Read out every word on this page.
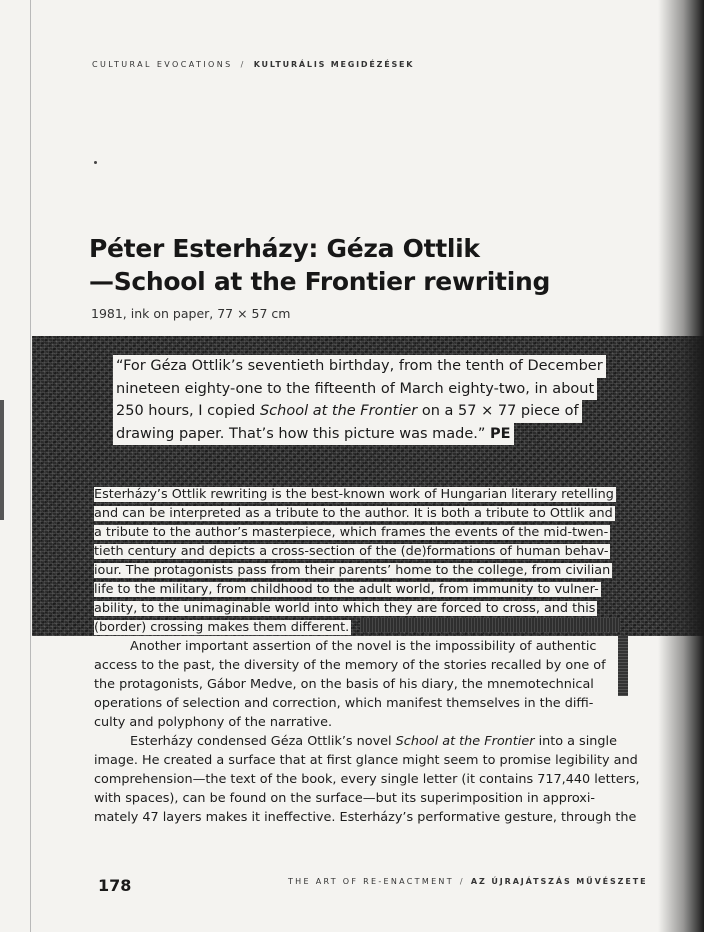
CULTURAL EVOCATIONS / KULTURÁLIS MEGIDÉZÉSEK
Péter Esterházy: Géza Ottlik
—School at the Frontier rewriting
1981, ink on paper, 77 × 57 cm
“For Géza Ottlik’s seventieth birthday, from the tenth of December
nineteen eighty-one to the fifteenth of March eighty-two, in about
250 hours, I copied School at the Frontier on a 57 × 77 piece of
drawing paper. That’s how this picture was made.” PE
Esterházy’s Ottlik rewriting is the best-known work of Hungarian literary retelling
and can be interpreted as a tribute to the author. It is both a tribute to Ottlik and
a tribute to the author’s masterpiece, which frames the events of the mid-twen-
tieth century and depicts a cross-section of the (de)formations of human behav-
iour. The protagonists pass from their parents’ home to the college, from civilian
life to the military, from childhood to the adult world, from immunity to vulner-
ability, to the unimaginable world into which they are forced to cross, and this
(border) crossing makes them different.
Another important assertion of the novel is the impossibility of authentic
access to the past, the diversity of the memory of the stories recalled by one of
the protagonists, Gábor Medve, on the basis of his diary, the mnemotechnical
operations of selection and correction, which manifest themselves in the diffi-
culty and polyphony of the narrative.
Esterházy condensed Géza Ottlik’s novel School at the Frontier into a single
image. He created a surface that at first glance might seem to promise legibility and
comprehension—the text of the book, every single letter (it contains 717,440 letters,
with spaces), can be found on the surface—but its superimposition in approxi-
mately 47 layers makes it ineffective. Esterházy’s performative gesture, through the
178	THE ART OF RE-ENACTMENT / AZ ÚJRAJÁTSZÁS MŰVÉSZETE
